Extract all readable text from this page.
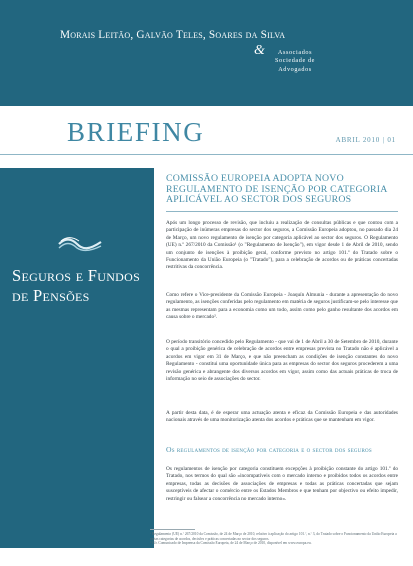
Morais Leitão, Galvão Teles, Soares da Silva
&	Associados
Sociedade de
Advogados
BRIEFING	ABRIL 2010 | 01
Seguros e Fundos de Pensões
COMISSÃO EUROPEIA ADOPTA NOVO REGULAMENTO DE ISENÇÃO POR CATEGORIA APLICÁVEL AO SECTOR DOS SEGUROS
Após um longo processo de revisão, que incluiu a realização de consultas públicas e que contou com a participação de inúmeras empresas do sector dos seguros, a Comissão Europeia adoptou, no passado dia 24 de Março, um novo regulamento de isenção por categoria aplicável ao sector dos seguros. O Regulamento (UE) n.º 267/2010 da Comissão¹ (o "Regulamento de Isenção"), em vigor desde 1 de Abril de 2010, sendo um conjunto de isenções à proibição geral, conforme previsto no artigo 101.º do Tratado sobre o Funcionamento da União Europeia (o "Tratado"), para a celebração de acordos ou de práticas concertadas restritivas da concorrência.
Como refere o Vice-presidente da Comissão Europeia - Joaquín Almunia - durante a apresentação do novo regulamento, as isenções conferidas pelo regulamento em matéria de seguros justificam-se pelo interesse que as mesmas representam para a economia como um todo, assim como pelo ganho resultante dos acordos em causa sobre o mercado².
O período transitório concedido pelo Regulamento - que vai de 1 de Abril a 30 de Setembro de 2010, durante o qual a proibição genérica de celebração de acordos entre empresas prevista no Tratado não é aplicável a acordos em vigor em 31 de Março, e que não preencham as condições de isenção constantes do novo Regulamento - constitui uma oportunidade única para as empresas do sector dos seguros procederem a uma revisão genérica e abrangente dos diversos acordos em vigor, assim como das actuais práticas de troca de informação no seio de associações do sector.
A partir desta data, é de esperar uma actuação atenta e eficaz da Comissão Europeia e das autoridades nacionais através de uma monitorização atenta dos acordos e práticas que se mantenham em vigor.
Os regulamentos de isenção por categoria e o sector dos seguros
Os regulamentos de isenção por categoria constituem excepções à proibição constante do artigo 101.º do Tratado, nos termos do qual são «incompatíveis com o mercado interno e proibidos todos os acordos entre empresas, todas as decisões de associações de empresas e todas as práticas concertadas que sejam susceptíveis de afectar o comércio entre os Estados Membros e que tenham por objectivo ou efeito impedir, restringir ou falsear a concorrência no mercado interno».
¹ Regulamento (UE) n.º 267/2010 da Comissão, de 24 de Março de 2010, relativo à aplicação do artigo 101.º, n.º 3, do Tratado sobre o Funcionamento da União Europeia a certas categorias de acordos, decisões e práticas concertadas no sector dos seguros.
² Cfr. Comunicado de Imprensa da Comissão Europeia, de 24 de Março de 2010, disponível em www.europa.eu.
